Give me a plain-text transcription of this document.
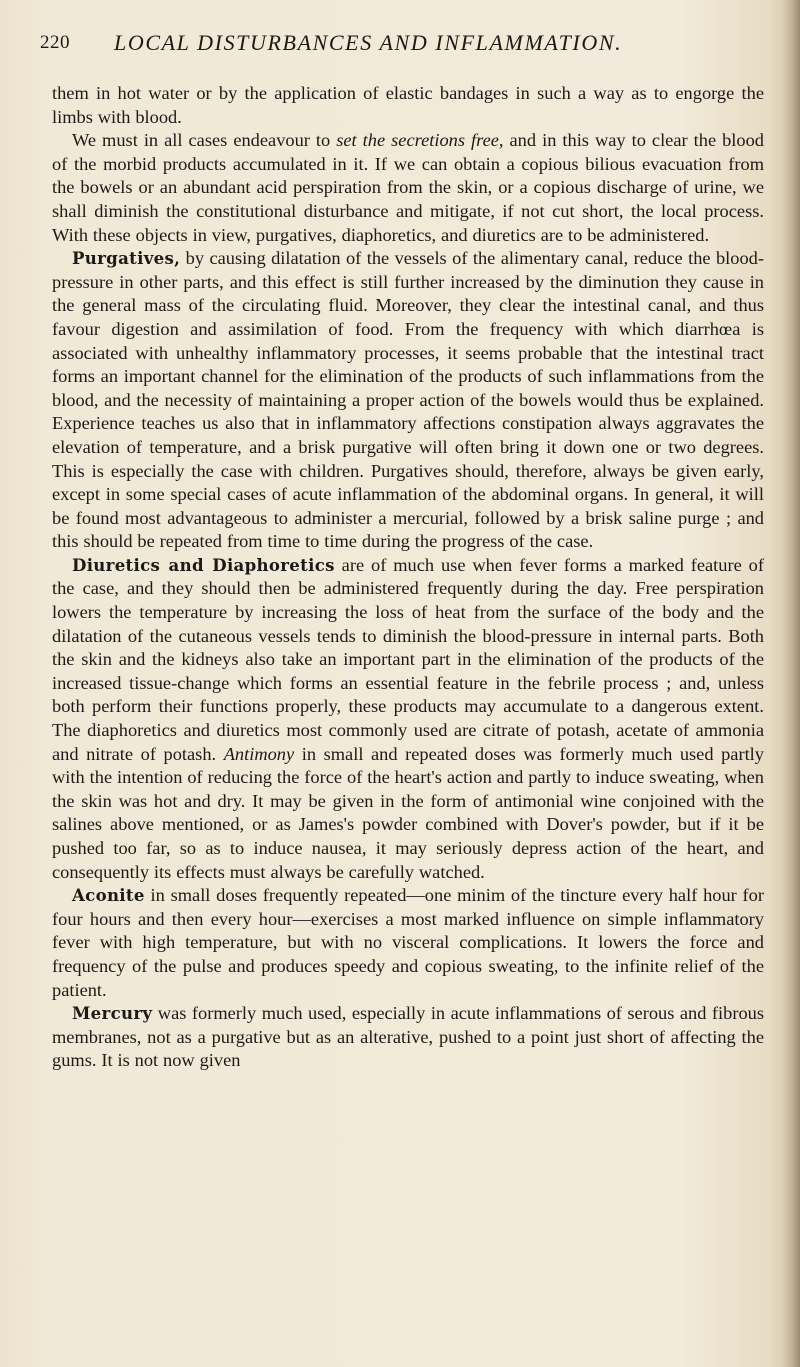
220 LOCAL DISTURBANCES AND INFLAMMATION.

them in hot water or by the application of elastic bandages in such a way as to engorge the limbs with blood.

We must in all cases endeavour to set the secretions free, and in this way to clear the blood of the morbid products accumulated in it. If we can obtain a copious bilious evacuation from the bowels or an abundant acid perspiration from the skin, or a copious discharge of urine, we shall diminish the constitutional disturbance and mitigate, if not cut short, the local process. With these objects in view, purgatives, diaphoretics, and diuretics are to be administered.

Purgatives, by causing dilatation of the vessels of the alimentary canal, reduce the blood-pressure in other parts, and this effect is still further increased by the diminution they cause in the general mass of the circulating fluid. Moreover, they clear the intestinal canal, and thus favour digestion and assimilation of food. From the frequency with which diarrhœa is associated with unhealthy inflammatory processes, it seems probable that the intestinal tract forms an important channel for the elimination of the products of such inflammations from the blood, and the necessity of maintaining a proper action of the bowels would thus be explained. Experience teaches us also that in inflammatory affections constipation always aggravates the elevation of temperature, and a brisk purgative will often bring it down one or two degrees. This is especially the case with children. Purgatives should, therefore, always be given early, except in some special cases of acute inflammation of the abdominal organs. In general, it will be found most advantageous to administer a mercurial, followed by a brisk saline purge ; and this should be repeated from time to time during the progress of the case.

Diuretics and Diaphoretics are of much use when fever forms a marked feature of the case, and they should then be administered frequently during the day. Free perspiration lowers the temperature by increasing the loss of heat from the surface of the body and the dilatation of the cutaneous vessels tends to diminish the blood-pressure in internal parts. Both the skin and the kidneys also take an important part in the elimination of the products of the increased tissue-change which forms an essential feature in the febrile process ; and, unless both perform their functions properly, these products may accumulate to a dangerous extent. The diaphoretics and diuretics most commonly used are citrate of potash, acetate of ammonia and nitrate of potash. Antimony in small and repeated doses was formerly much used partly with the intention of reducing the force of the heart's action and partly to induce sweating, when the skin was hot and dry. It may be given in the form of antimonial wine conjoined with the salines above mentioned, or as James's powder combined with Dover's powder, but if it be pushed too far, so as to induce nausea, it may seriously depress action of the heart, and consequently its effects must always be carefully watched.

Aconite in small doses frequently repeated—one minim of the tincture every half hour for four hours and then every hour—exercises a most marked influence on simple inflammatory fever with high temperature, but with no visceral complications. It lowers the force and frequency of the pulse and produces speedy and copious sweating, to the infinite relief of the patient.

Mercury was formerly much used, especially in acute inflammations of serous and fibrous membranes, not as a purgative but as an alterative, pushed to a point just short of affecting the gums. It is not now given
